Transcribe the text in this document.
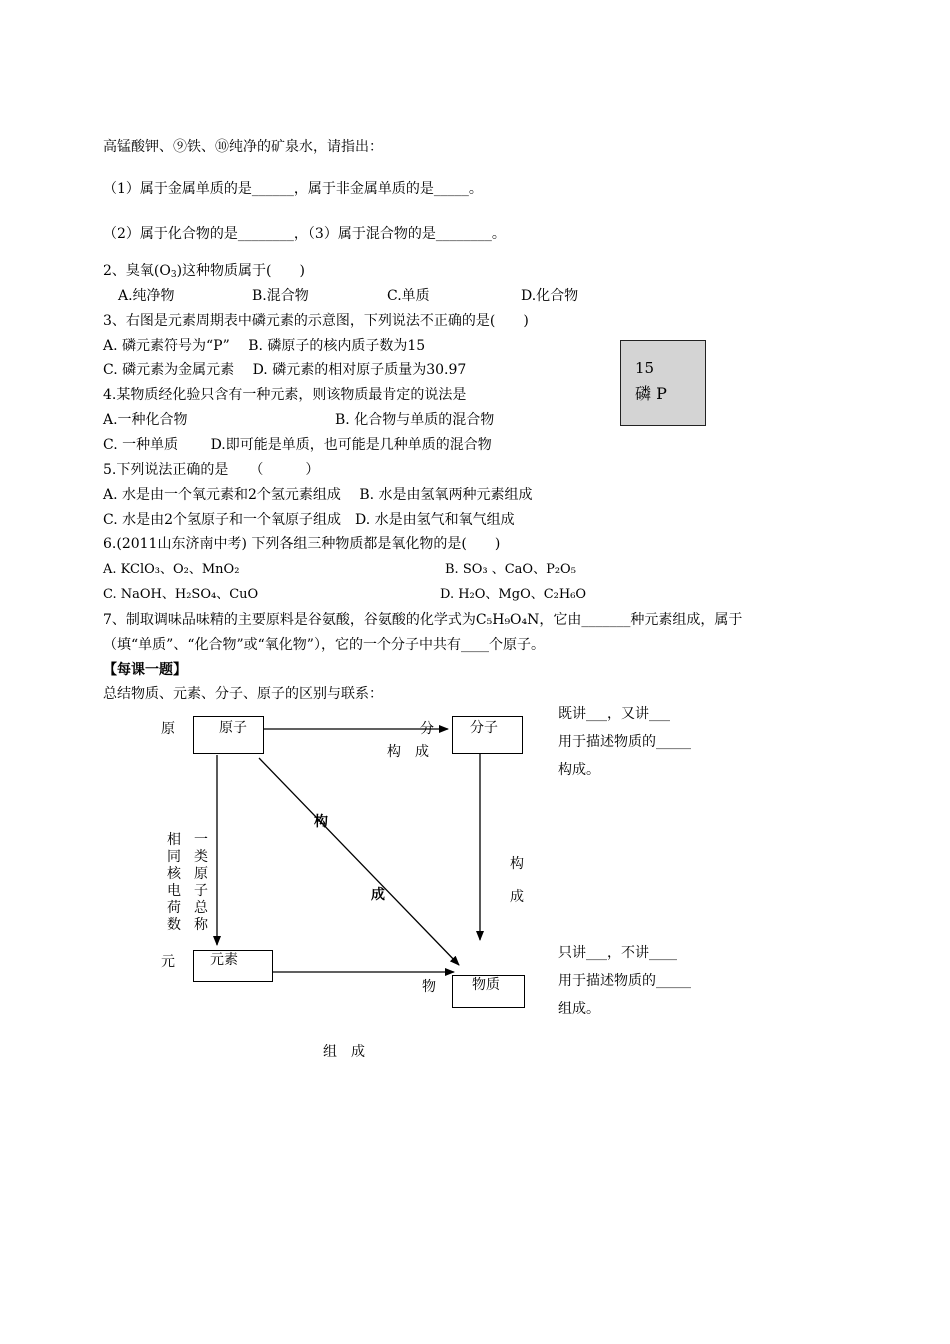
高锰酸钾、⑨铁、⑩纯净的矿泉水，请指出：
（1）属于金属单质的是______，属于非金属单质的是_____。
（2）属于化合物的是________，（3）属于混合物的是________。
2、臭氧$(O_3)$这种物质属于(　　)
A.纯净物	B.混合物	C.单质	D.化合物
3、右图是元素周期表中磷元素的示意图，下列说法不正确的是(　　)
A. 磷元素符号为“P”　 B. 磷原子的核内质子数为15
C. 磷元素为金属元素　 D. 磷元素的相对原子质量为30.97	15
磷 P
4.某物质经化验只含有一种元素，则该物质最肯定的说法是
A.一种化合物	B. 化合物与单质的混合物
C. 一种单质　　 D.即可能是单质，也可能是几种单质的混合物
5.下列说法正确的是　　（　　　）
A. 水是由一个氧元素和2个氢元素组成　 B. 水是由氢氧两种元素组成
C. 水是由2个氢原子和一个氧原子组成　D. 水是由氢气和氧气组成
6.(2011山东济南中考) 下列各组三种物质都是氧化物的是(　　)
A. KClO₃、O₂、MnO₂	B. SO₃ 、CaO、P₂O₅
C. NaOH、H₂SO₄、CuO	D. H₂O、MgO、C₂H₆O
7、制取调味品味精的主要原料是谷氨酸，谷氨酸的化学式为C₅H₉O₄N，它由_______种元素组成，属于
（填“单质”、“化合物”或“氧化物”），它的一个分子中共有____个原子。
【每课一题】
总结物质、元素、分子、原子的区别与联系：
原子	分子
元素
物质
原
元
分
构　成
构
成
构
成
相同核电荷数
一类原子总称
物
组　成
既讲___，又讲___
用于描述物质的_____
构成。
只讲___，不讲____
用于描述物质的_____
组成。
